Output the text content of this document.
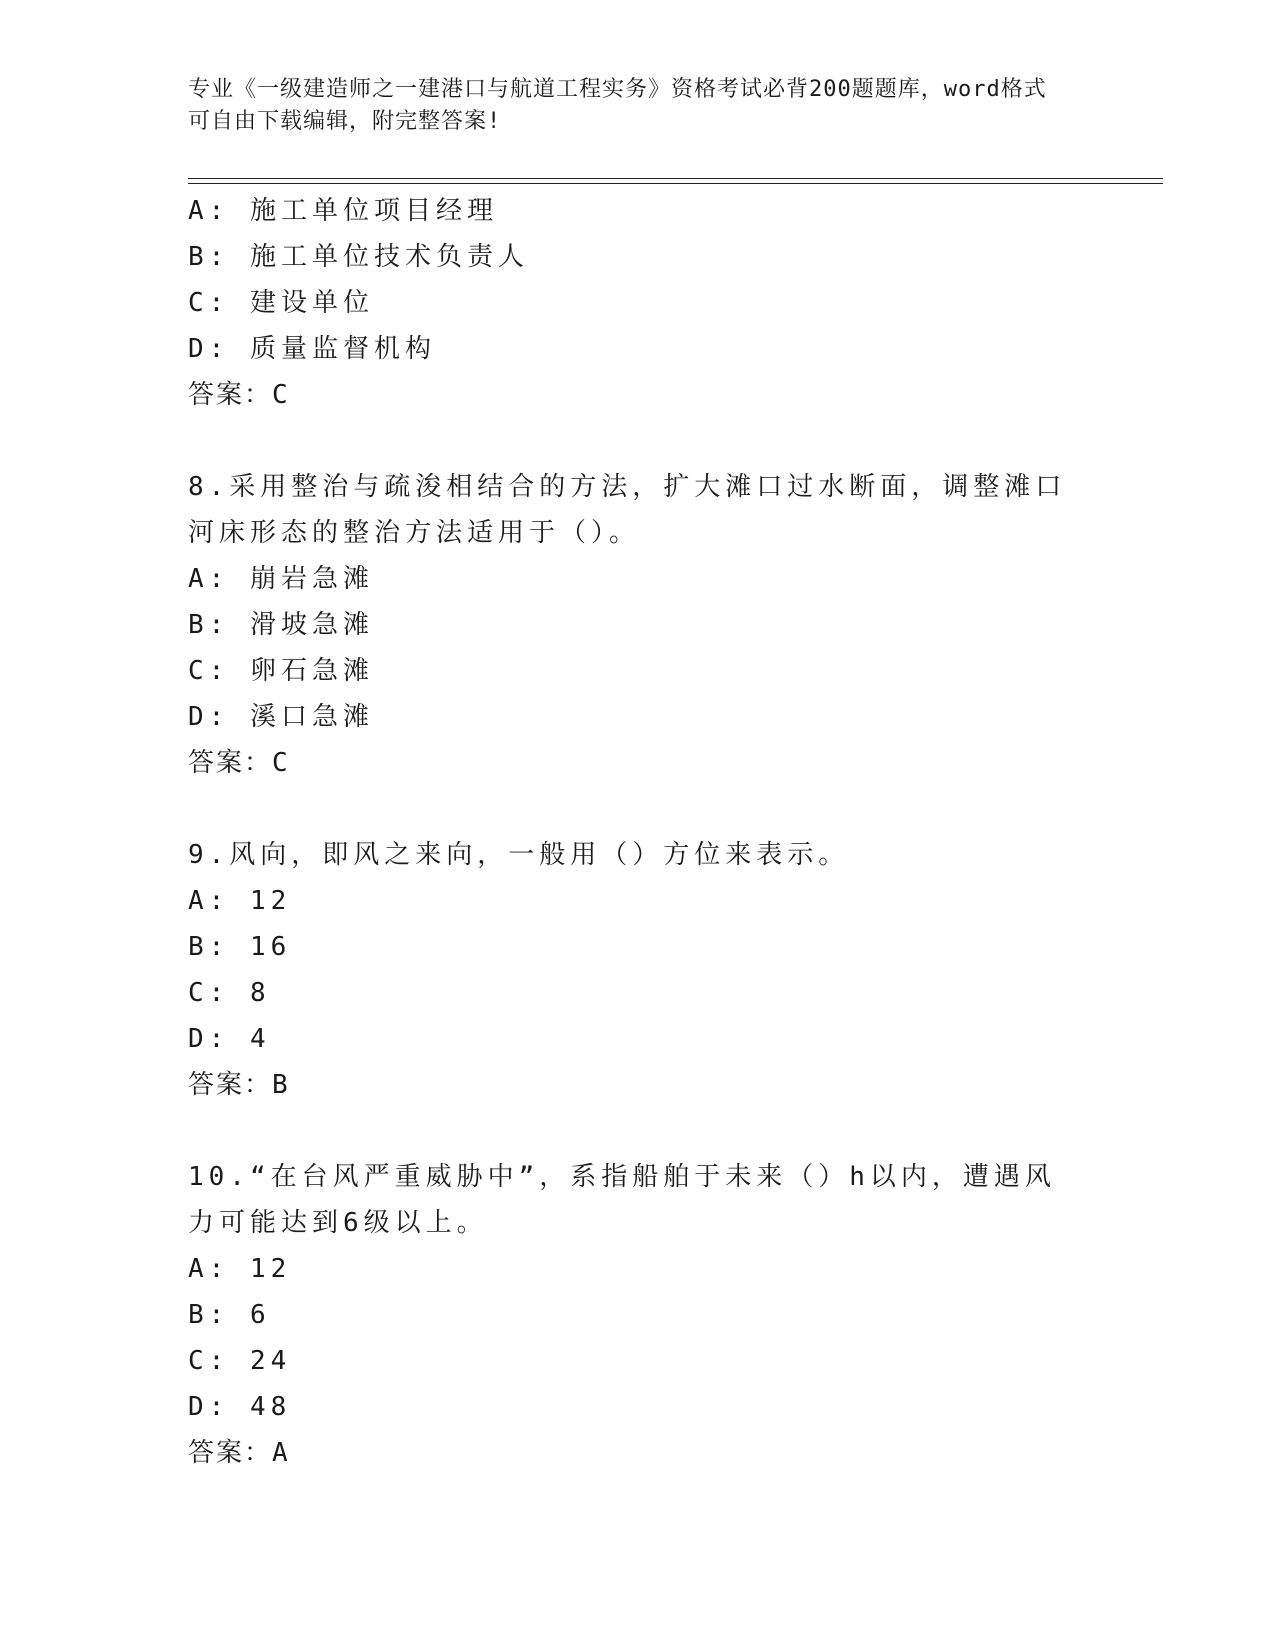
专业《一级建造师之一建港口与航道工程实务》资格考试必背200题题库，word格式可自由下载编辑，附完整答案!
A: 施工单位项目经理
B: 施工单位技术负责人
C: 建设单位
D: 质量监督机构
答案：C
8.采用整治与疏浚相结合的方法，扩大滩口过水断面，调整滩口河床形态的整治方法适用于（）。
A: 崩岩急滩
B: 滑坡急滩
C: 卵石急滩
D: 溪口急滩
答案：C
9.风向，即风之来向，一般用（）方位来表示。
A: 12
B: 16
C: 8
D: 4
答案：B
10.“在台风严重威胁中”，系指船舶于未来（）h以内，遭遇风力可能达到6级以上。
A: 12
B: 6
C: 24
D: 48
答案：A
